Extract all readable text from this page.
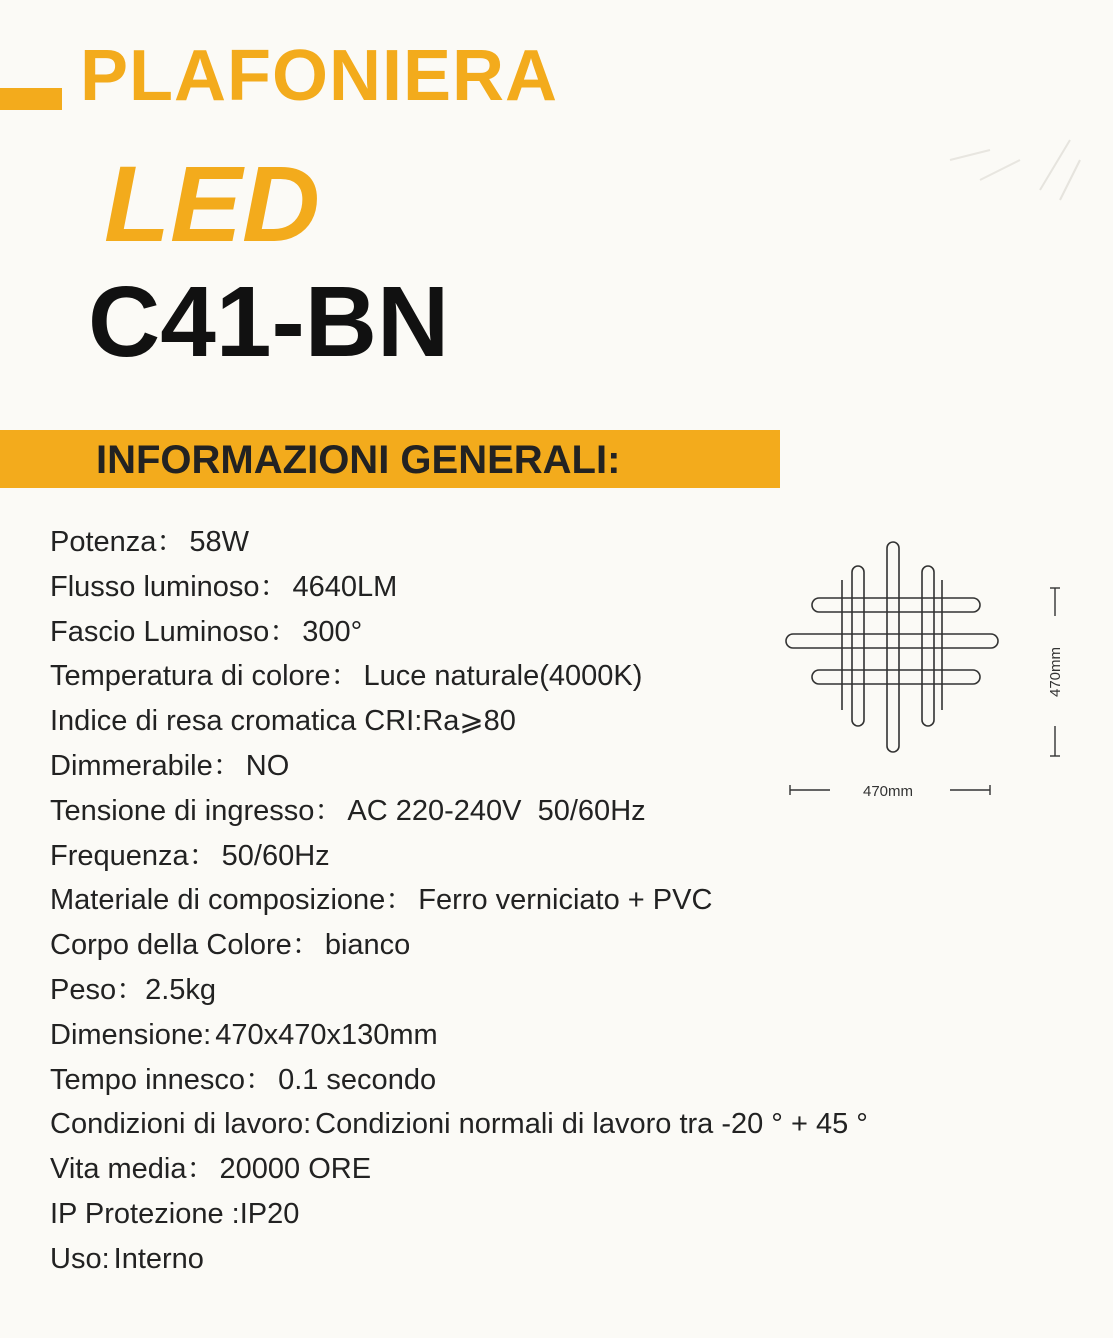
PLAFONIERA
LED
C41-BN
INFORMAZIONI GENERALI:
Potenza： 58W
Flusso luminoso： 4640LM
Fascio Luminoso： 300°
Temperatura di colore： Luce naturale(4000K)
Indice di resa cromatica CRI:Ra⩾80
Dimmerabile： NO
Tensione di ingresso： AC 220-240V  50/60Hz
Frequenza： 50/60Hz
Materiale di composizione： Ferro verniciato + PVC
Corpo della Colore： bianco
Peso：2.5kg
Dimensione: 470x470x130mm
Tempo innesco： 0.1 secondo
Condizioni di lavoro: Condizioni normali di lavoro tra -20 ° + 45 °
Vita media： 20000 ORE
IP Protezione :IP20
Uso: Interno
470mm
470mm
